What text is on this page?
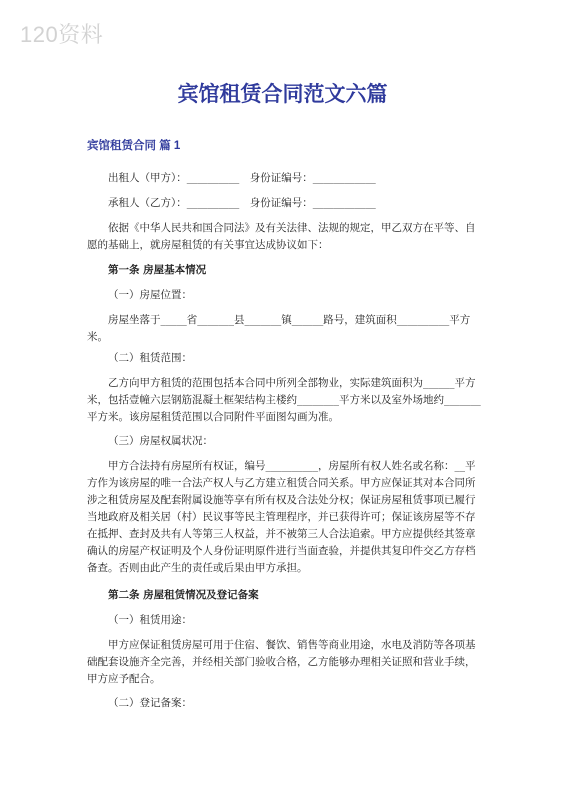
120资料
宾馆租赁合同范文六篇
宾馆租赁合同 篇 1

出租人（甲方）：__________　身份证编号：____________

承租人（乙方）：__________　身份证编号：____________

依据《中华人民共和国合同法》及有关法律、法规的规定，甲乙双方在平等、自愿的基础上，就房屋租赁的有关事宜达成协议如下：

第一条 房屋基本情况

（一）房屋位置：

房屋坐落于_____省_______县_______镇______路号，建筑面积__________平方米。

（二）租赁范围：

乙方向甲方租赁的范围包括本合同中所列全部物业，实际建筑面积为______平方米，包括壹幢六层钢筋混凝土框架结构主楼约________平方米以及室外场地约_______平方米。该房屋租赁范围以合同附件平面图勾画为准。

（三）房屋权属状况：

甲方合法持有房屋所有权证，编号__________，房屋所有权人姓名或名称：__平方作为该房屋的唯一合法产权人与乙方建立租赁合同关系。甲方应保证其对本合同所涉之租赁房屋及配套附属设施等享有所有权及合法处分权；保证房屋租赁事项已履行当地政府及相关居（村）民议事等民主管理程序，并已获得许可；保证该房屋等不存在抵押、查封及共有人等第三人权益，并不被第三人合法追索。甲方应提供经其签章确认的房屋产权证明及个人身份证明原件进行当面查验，并提供其复印件交乙方存档备查。否则由此产生的责任或后果由甲方承担。

第二条 房屋租赁情况及登记备案

（一）租赁用途：

甲方应保证租赁房屋可用于住宿、餐饮、销售等商业用途，水电及消防等各项基础配套设施齐全完善，并经相关部门验收合格，乙方能够办理相关证照和营业手续，甲方应予配合。

（二）登记备案：
